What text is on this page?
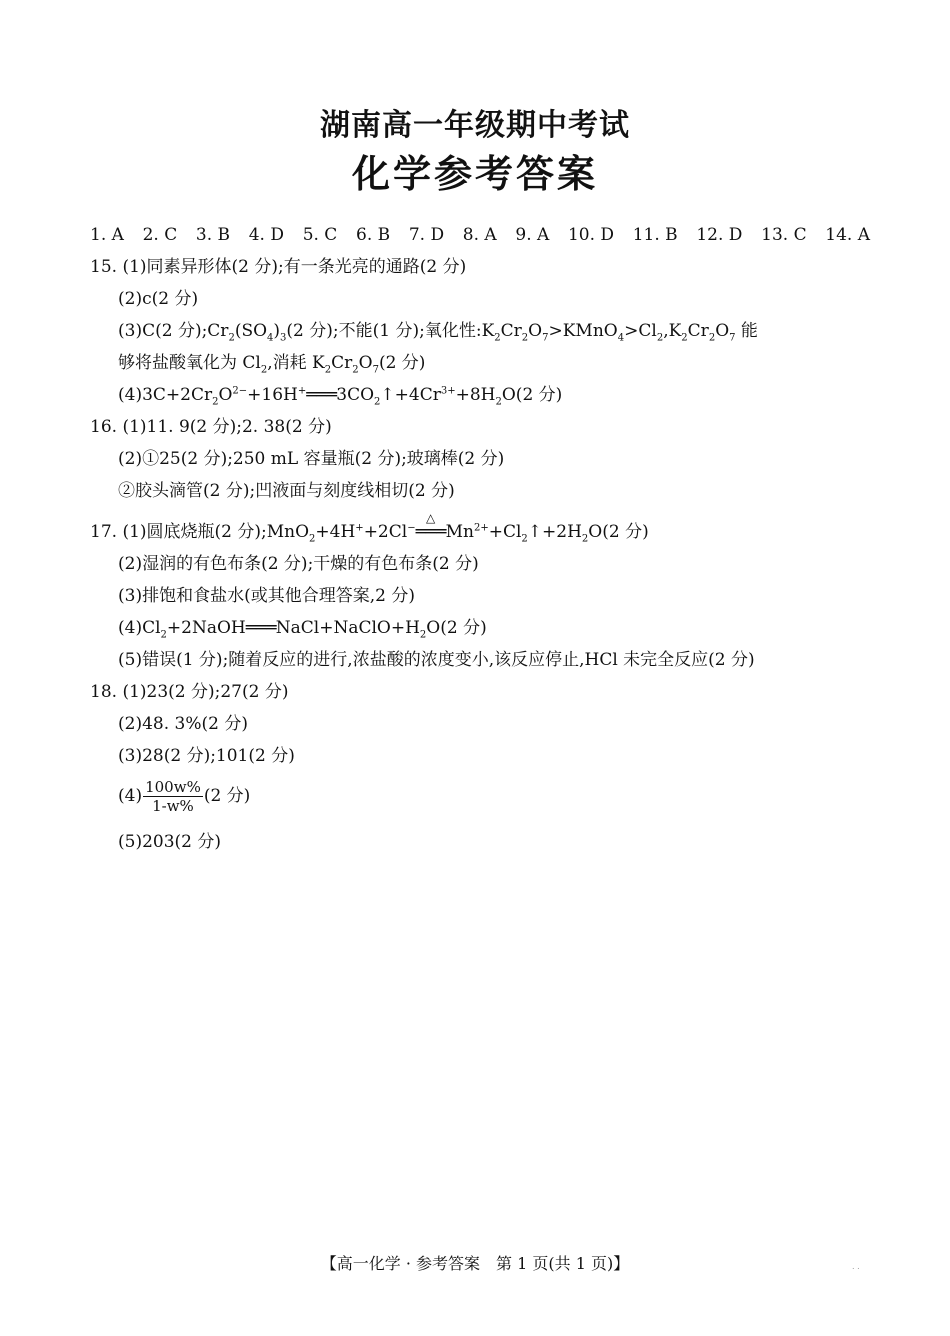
湖南高一年级期中考试
化学参考答案
1. A 2. C 3. B 4. D 5. C 6. B 7. D 8. A 9. A 10. D 11. B 12. D 13. C 14. A
15. (1)同素异形体(2 分);有一条光亮的通路(2 分)
(2)c(2 分)
(3)C(2 分)$;Cr_2(SO_4)_3(2$ 分);不能(1 分);氧化性$:K_2Cr_2O_7>KMnO_4>Cl_2,K_2Cr_2O_7$ 能
够将盐酸氧化为 $Cl_2$,消耗 $K_2Cr_2O_7(2$ 分)
$(4)3C+2Cr_2O^{2-}+16H^+═══3CO_2↑+4Cr^{3+}+8H_2O(2$ 分)
16. (1)11. 9(2 分);2. 38(2 分)
(2)①25(2 分);250 mL 容量瓶(2 分);玻璃棒(2 分)
②胶头滴管(2 分);凹液面与刻度线相切(2 分)
17. (1)圆底烧瓶(2 分);MnO$_2$+4H++2Cl−
△
$═══Mn^{2+}+Cl_2↑+2H_2O(2$ 分)
(2)湿润的有色布条(2 分);干燥的有色布条(2 分)
(3)排饱和食盐水(或其他合理答案,2 分)
$(4)Cl_2+2NaOH═══NaCl+NaClO+H_2O(2$ 分)
(5)错误(1 分);随着反应的进行,浓盐酸的浓度变小,该反应停止,HCl 未完全反应(2 分)
18. (1)23(2 分);27(2 分)
(2)48. 3%(2 分)
(3)28(2 分);101(2 分)
$(4) \frac{100w\%}{1-w\%} (2$ 分)
(5)203(2 分)
【高一化学 · 参考答案　第 1 页(共 1 页)】	. .
